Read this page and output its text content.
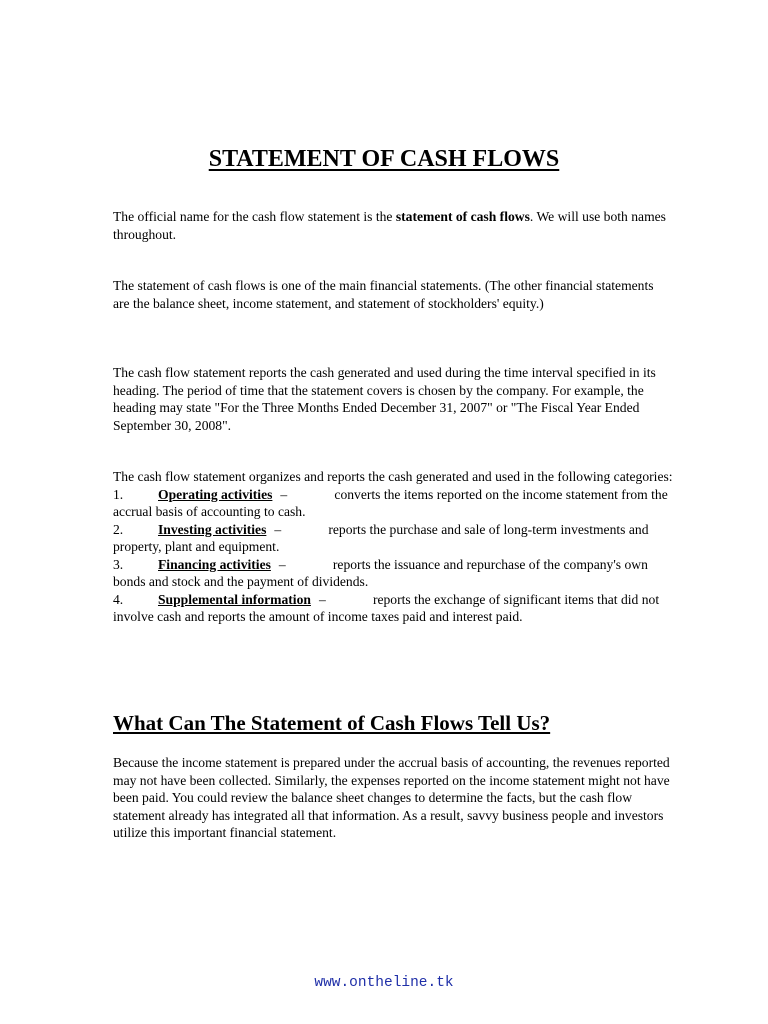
STATEMENT OF CASH FLOWS

The official name for the cash flow statement is the statement of cash flows. We will use both names throughout.

The statement of cash flows is one of the main financial statements. (The other financial statements are the balance sheet, income statement, and statement of stockholders' equity.)

The cash flow statement reports the cash generated and used during the time interval specified in its heading. The period of time that the statement covers is chosen by the company. For example, the heading may state "For the Three Months Ended December 31, 2007" or "The Fiscal Year Ended September 30, 2008".

The cash flow statement organizes and reports the cash generated and used in the following categories:
1.	Operating activities –	converts the items reported on the income statement from the accrual basis of accounting to cash.
2.	Investing activities –	reports the purchase and sale of long-term investments and property, plant and equipment.
3.	Financing activities –	reports the issuance and repurchase of the company's own bonds and stock and the payment of dividends.
4.	Supplemental information –	reports the exchange of significant items that did not involve cash and reports the amount of income taxes paid and interest paid.
What Can The Statement of Cash Flows Tell Us?

Because the income statement is prepared under the accrual basis of accounting, the revenues reported may not have been collected. Similarly, the expenses reported on the income statement might not have been paid. You could review the balance sheet changes to determine the facts, but the cash flow statement already has integrated all that information. As a result, savvy business people and investors utilize this important financial statement.

www.ontheline.tk
